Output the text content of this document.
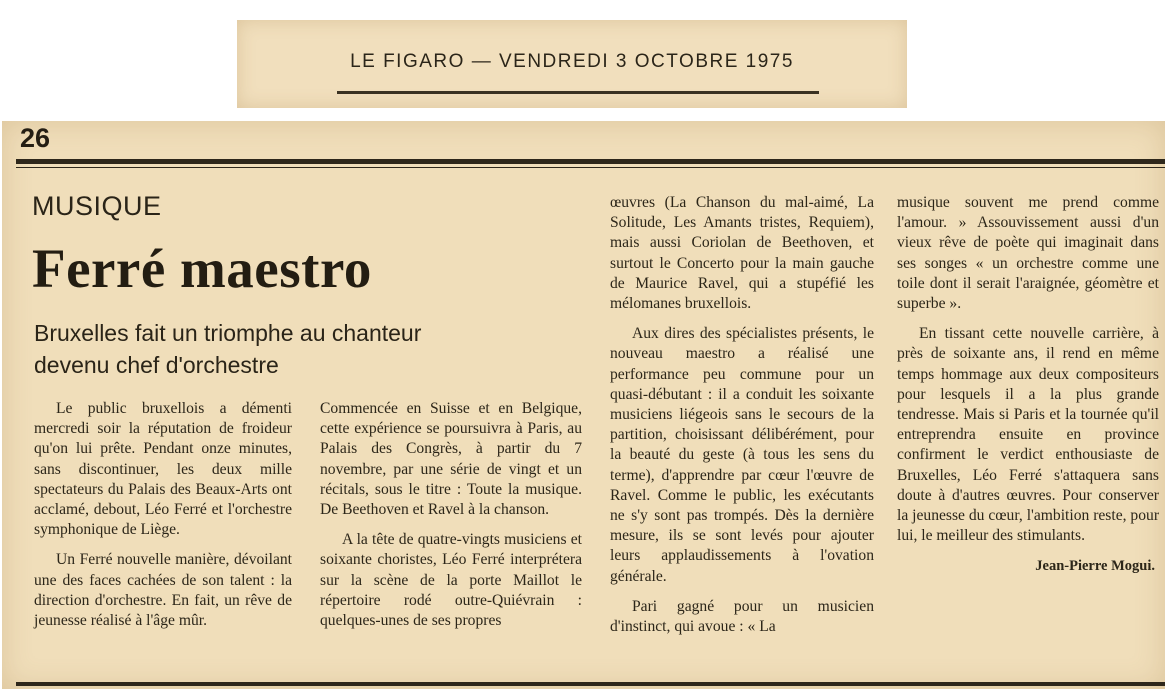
LE FIGARO — VENDREDI 3 OCTOBRE 1975
26
MUSIQUE
Ferré maestro
Bruxelles fait un triomphe au chanteur
devenu chef d'orchestre

Le public bruxellois a démenti mercredi soir la réputation de froideur qu'on lui prête. Pendant onze minutes, sans discontinuer, les deux mille spectateurs du Palais des Beaux-Arts ont acclamé, debout, Léo Ferré et l'orchestre symphonique de Liège.

Un Ferré nouvelle manière, dévoilant une des faces cachées de son talent : la direction d'orchestre. En fait, un rêve de jeunesse réalisé à l'âge mûr.

Commencée en Suisse et en Belgique, cette expérience se poursuivra à Paris, au Palais des Congrès, à partir du 7 novembre, par une série de vingt et un récitals, sous le titre : Toute la musique. De Beethoven et Ravel à la chanson.

A la tête de quatre-vingts musiciens et soixante choristes, Léo Ferré interprétera sur la scène de la porte Maillot le répertoire rodé outre-Quiévrain : quelques-unes de ses propres

œuvres (La Chanson du mal-aimé, La Solitude, Les Amants tristes, Requiem), mais aussi Coriolan de Beethoven, et surtout le Concerto pour la main gauche de Maurice Ravel, qui a stupéfié les mélomanes bruxellois.

Aux dires des spécialistes présents, le nouveau maestro a réalisé une performance peu commune pour un quasi-débutant : il a conduit les soixante musiciens liégeois sans le secours de la partition, choisissant délibérément, pour la beauté du geste (à tous les sens du terme), d'apprendre par cœur l'œuvre de Ravel. Comme le public, les exécutants ne s'y sont pas trompés. Dès la dernière mesure, ils se sont levés pour ajouter leurs applaudissements à l'ovation générale.

Pari gagné pour un musicien d'instinct, qui avoue : « La

musique souvent me prend comme l'amour. » Assouvissement aussi d'un vieux rêve de poète qui imaginait dans ses songes « un orchestre comme une toile dont il serait l'araignée, géomètre et superbe ».

En tissant cette nouvelle carrière, à près de soixante ans, il rend en même temps hommage aux deux compositeurs pour lesquels il a la plus grande tendresse. Mais si Paris et la tournée qu'il entreprendra ensuite en province confirment le verdict enthousiaste de Bruxelles, Léo Ferré s'attaquera sans doute à d'autres œuvres. Pour conserver la jeunesse du cœur, l'ambition reste, pour lui, le meilleur des stimulants.

Jean-Pierre Mogui.
